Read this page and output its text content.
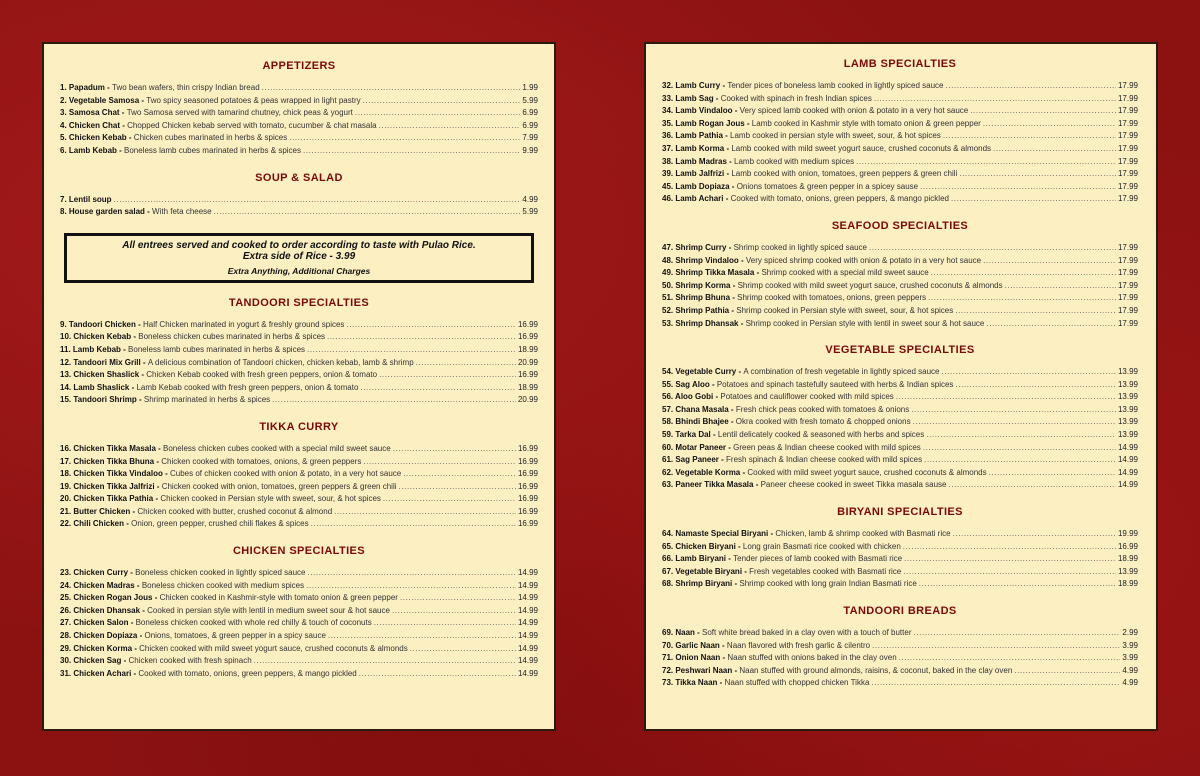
APPETIZERS
1. Papadum - Two bean wafers, thin crispy Indian bread .....	1.99
2. Vegetable Samosa - Two spicy seasoned potatoes & peas wrapped in light pastry .....	5.99
3. Samosa Chat - Two Samosa served with tamarind chutney, chick peas & yogurt .....	6.99
4. Chicken Chat - Chopped Chicken kebab served with tomato, cucumber & chat masala .....	6.99
5. Chicken Kebab - Chicken cubes marinated in herbs & spices .....	7.99
6. Lamb Kebab - Boneless lamb cubes marinated in herbs & spices .....	9.99
SOUP & SALAD
7. Lentil soup .....	4.99
8. House garden salad - With feta cheese .....	5.99
All entrees served and cooked to order according to taste with Pulao Rice.
Extra side of Rice - 3.99
Extra Anything, Additional Charges
TANDOORI SPECIALTIES
9. Tandoori Chicken - Half Chicken marinated in yogurt & freshly ground spices .....	16.99
10. Chicken Kebab - Boneless chicken cubes marinated in herbs & spices .....	16.99
11. Lamb Kebab - Boneless lamb cubes marinated in herbs & spices .....	18.99
12. Tandoori Mix Grill - A delicious combination of Tandoori chicken, chicken kebab, lamb & shrimp .....	20.99
13. Chicken Shaslick - Chicken Kebab cooked with fresh green peppers, onion & tomato .....	16.99
14. Lamb Shaslick - Lamb Kebab cooked with fresh green peppers, onion & tomato .....	18.99
15. Tandoori Shrimp - Shrimp marinated in herbs & spices .....	20.99
TIKKA CURRY
16. Chicken Tikka Masala - Boneless chicken cubes cooked with a special mild sweet sauce .....	16.99
17. Chicken Tikka Bhuna - Chicken cooked with tomatoes, onions, & green peppers .....	16.99
18. Chicken Tikka Vindaloo - Cubes of chicken cooked with onion & potato, in a very hot sauce .....	16.99
19. Chicken Tikka Jalfrizi - Chicken cooked with onion, tomatoes, green peppers & green chili .....	16.99
20. Chicken Tikka Pathia - Chicken cooked in Persian style with sweet, sour, & hot spices .....	16.99
21. Butter Chicken - Chicken cooked with butter, crushed coconut & almond .....	16.99
22. Chili Chicken - Onion, green pepper, crushed chili flakes & spices .....	16.99
CHICKEN SPECIALTIES
23. Chicken Curry - Boneless chicken cooked in lightly spiced sauce .....	14.99
24. Chicken Madras - Boneless chicken cooked with medium spices .....	14.99
25. Chicken Rogan Jous - Chicken cooked in Kashmir-style with tomato onion & green pepper .....	14.99
26. Chicken Dhansak - Cooked in persian style with lentil in medium sweet sour & hot sauce .....	14.99
27. Chicken Salon - Boneless chicken cooked with whole red chilly & touch of coconuts .....	14.99
28. Chicken Dopiaza - Onions, tomatoes, & green pepper in a spicy sauce .....	14.99
29. Chicken Korma - Chicken cooked with mild sweet yogurt sauce, crushed coconuts & almonds .....	14.99
30. Chicken Sag - Chicken cooked with fresh spinach .....	14.99
31. Chicken Achari - Cooked with tomato, onions, green peppers, & mango pickled .....	14.99
LAMB SPECIALTIES
32. Lamb Curry - Tender pices of boneless lamb cooked in lightly spiced sauce .....	17.99
33. Lamb Sag - Cooked with spinach in fresh Indian spices .....	17.99
34. Lamb Vindaloo - Very spiced lamb cooked with onion & potato in a very hot sauce .....	17.99
35. Lamb Rogan Jous - Lamb cooked in Kashmir style with tomato onion & green pepper .....	17.99
36. Lamb Pathia - Lamb cooked in persian style with sweet, sour, & hot spices .....	17.99
37. Lamb Korma - Lamb cooked with mild sweet yogurt sauce, crushed coconuts & almonds .....	17.99
38. Lamb Madras - Lamb cooked with medium spices .....	17.99
39. Lamb Jalfrizi - Lamb cooked with onion, tomatoes, green peppers & green chili .....	17.99
45. Lamb Dopiaza - Onions tomatoes & green pepper in a spicey sause .....	17.99
46. Lamb Achari - Cooked with tomato, onions, green peppers, & mango pickled .....	17.99
SEAFOOD SPECIALTIES
47. Shrimp Curry - Shrimp cooked in lightly spiced sauce .....	17.99
48. Shrimp Vindaloo - Very spiced shrimp cooked with onion & potato in a very hot sauce .....	17.99
49. Shrimp Tikka Masala - Shrimp cooked with a special mild sweet sauce .....	17.99
50. Shrimp Korma - Shrimp cooked with mild sweet yogurt sauce, crushed coconuts & almonds .....	17.99
51. Shrimp Bhuna - Shrimp cooked with tomatoes, onions, green peppers .....	17.99
52. Shrimp Pathia - Shrimp cooked in Persian style with sweet, sour, & hot spices .....	17.99
53. Shrimp Dhansak - Shrimp cooked in Persian style with lentil in sweet sour & hot sauce .....	17.99
VEGETABLE SPECIALTIES
54. Vegetable Curry - A combination of fresh vegetable in lightly spiced sauce .....	13.99
55. Sag Aloo - Potatoes and spinach tastefully sauteed with herbs & Indian spices .....	13.99
56. Aloo Gobi - Potatoes and cauliflower cooked with mild spices .....	13.99
57. Chana Masala - Fresh chick peas cooked with tomatoes & onions .....	13.99
58. Bhindi Bhajee - Okra cooked with fresh tomato & chopped onions .....	13.99
59. Tarka Dal - Lentil delicately cooked & seasoned with herbs and spices .....	13.99
60. Motar Paneer - Green peas & Indian cheese cooked with mild spices .....	14.99
61. Sag Paneer - Fresh spinach & Indian cheese cooked with mild spices .....	14.99
62. Vegetable Korma - Cooked with mild sweet yogurt sauce, crushed coconuts & almonds .....	14.99
63. Paneer Tikka Masala - Paneer cheese cooked in sweet Tikka masala sause .....	14.99
BIRYANI SPECIALTIES
64. Namaste Special Biryani - Chicken, lamb & shrimp cooked with Basmati rice .....	19.99
65. Chicken Biryani - Long grain Basmati rice cooked with chicken .....	16.99
66. Lamb Biryani - Tender pieces of lamb cooked with Basmati rice .....	18.99
67. Vegetable Biryani - Fresh vegetables cooked with Basmati rice .....	13.99
68. Shrimp Biryani - Shrimp cooked with long grain Indian Basmati rice .....	18.99
TANDOORI BREADS
69. Naan - Soft white bread baked in a clay oven with a touch of butter .....	2.99
70. Garlic Naan - Naan flavored with fresh garlic & cilentro .....	3.99
71. Onion Naan - Naan stuffed with onions baked in the clay oven .....	3.99
72. Peshwari Naan - Naan stuffed with ground almonds, raisins, & coconut, baked in the clay oven .....	4.99
73. Tikka Naan - Naan stuffed with chopped chicken Tikka .....	4.99
